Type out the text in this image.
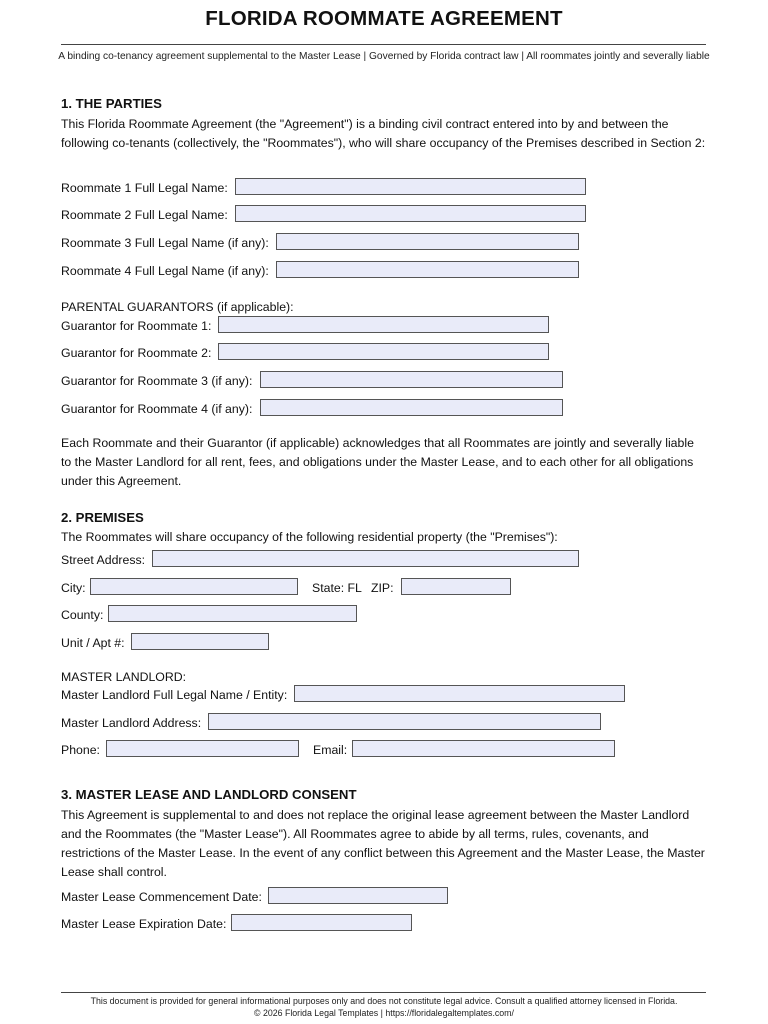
FLORIDA ROOMMATE AGREEMENT
A binding co-tenancy agreement supplemental to the Master Lease | Governed by Florida contract law | All roommates jointly and severally liable
1. THE PARTIES
This Florida Roommate Agreement (the "Agreement") is a binding civil contract entered into by and between the following co-tenants (collectively, the "Roommates"), who will share occupancy of the Premises described in Section 2:
Roommate 1 Full Legal Name:
Roommate 2 Full Legal Name:
Roommate 3 Full Legal Name (if any):
Roommate 4 Full Legal Name (if any):
PARENTAL GUARANTORS (if applicable):
Guarantor for Roommate 1:
Guarantor for Roommate 2:
Guarantor for Roommate 3 (if any):
Guarantor for Roommate 4 (if any):
Each Roommate and their Guarantor (if applicable) acknowledges that all Roommates are jointly and severally liable to the Master Landlord for all rent, fees, and obligations under the Master Lease, and to each other for all obligations under this Agreement.
2. PREMISES
The Roommates will share occupancy of the following residential property (the "Premises"):
Street Address:
City:	State: FL ZIP:
County:
Unit / Apt #:
MASTER LANDLORD:
Master Landlord Full Legal Name / Entity:
Master Landlord Address:
Phone:	Email:
3. MASTER LEASE AND LANDLORD CONSENT
This Agreement is supplemental to and does not replace the original lease agreement between the Master Landlord and the Roommates (the "Master Lease"). All Roommates agree to abide by all terms, rules, covenants, and restrictions of the Master Lease. In the event of any conflict between this Agreement and the Master Lease, the Master Lease shall control.
Master Lease Commencement Date:
Master Lease Expiration Date:
This document is provided for general informational purposes only and does not constitute legal advice. Consult a qualified attorney licensed in Florida.
© 2026 Florida Legal Templates | https://floridalegaltemplates.com/
